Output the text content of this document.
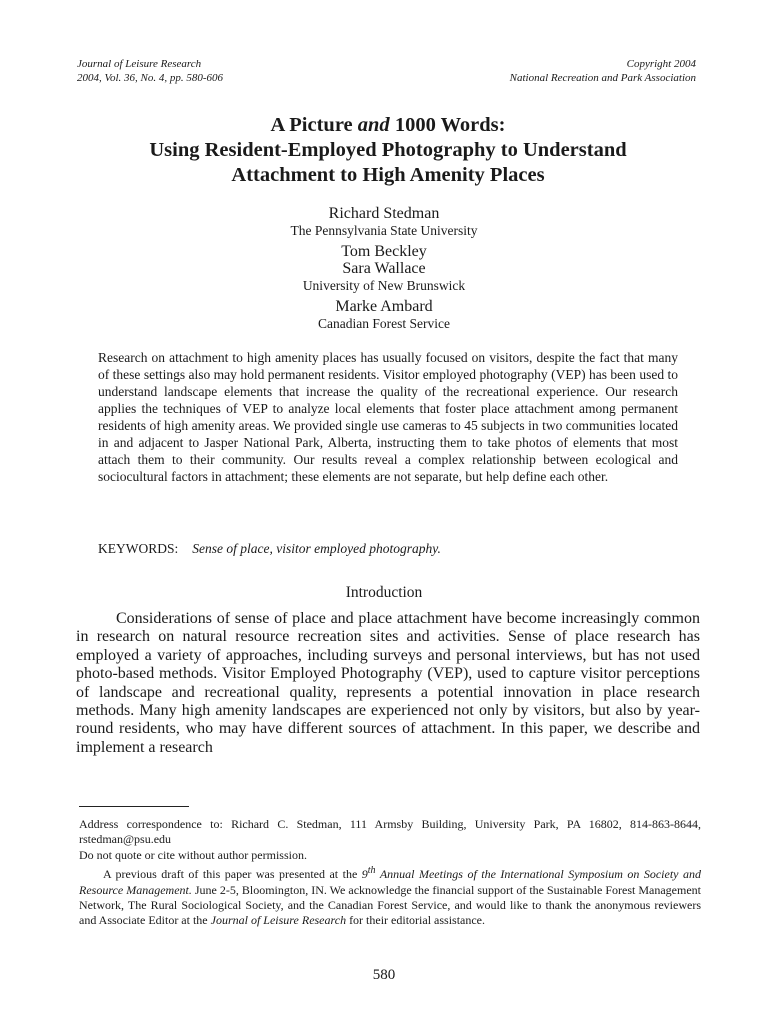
Journal of Leisure Research
2004, Vol. 36, No. 4, pp. 580-606
Copyright 2004
National Recreation and Park Association
A Picture and 1000 Words:
Using Resident-Employed Photography to Understand
Attachment to High Amenity Places
Richard Stedman
The Pennsylvania State University
Tom Beckley
Sara Wallace
University of New Brunswick
Marke Ambard
Canadian Forest Service
Research on attachment to high amenity places has usually focused on visitors, despite the fact that many of these settings also may hold permanent residents. Visitor employed photography (VEP) has been used to understand landscape elements that increase the quality of the recreational experience. Our research applies the techniques of VEP to analyze local elements that foster place attachment among permanent residents of high amenity areas. We provided single use cameras to 45 subjects in two communities located in and adjacent to Jasper National Park, Alberta, instructing them to take photos of elements that most attach them to their community. Our results reveal a complex relationship between ecological and sociocultural factors in attachment; these elements are not separate, but help define each other.
KEYWORDS: Sense of place, visitor employed photography.
Introduction

Considerations of sense of place and place attachment have become increasingly common in research on natural resource recreation sites and activities. Sense of place research has employed a variety of approaches, including surveys and personal interviews, but has not used photo-based methods. Visitor Employed Photography (VEP), used to capture visitor perceptions of landscape and recreational quality, represents a potential innovation in place research methods. Many high amenity landscapes are experienced not only by visitors, but also by year-round residents, who may have different sources of attachment. In this paper, we describe and implement a research

Address correspondence to: Richard C. Stedman, 111 Armsby Building, University Park, PA 16802, 814-863-8644, rstedman@psu.edu

Do not quote or cite without author permission.

A previous draft of this paper was presented at the 9th Annual Meetings of the International Symposium on Society and Resource Management. June 2-5, Bloomington, IN. We acknowledge the financial support of the Sustainable Forest Management Network, The Rural Sociological Society, and the Canadian Forest Service, and would like to thank the anonymous reviewers and Associate Editor at the Journal of Leisure Research for their editorial assistance.

580
